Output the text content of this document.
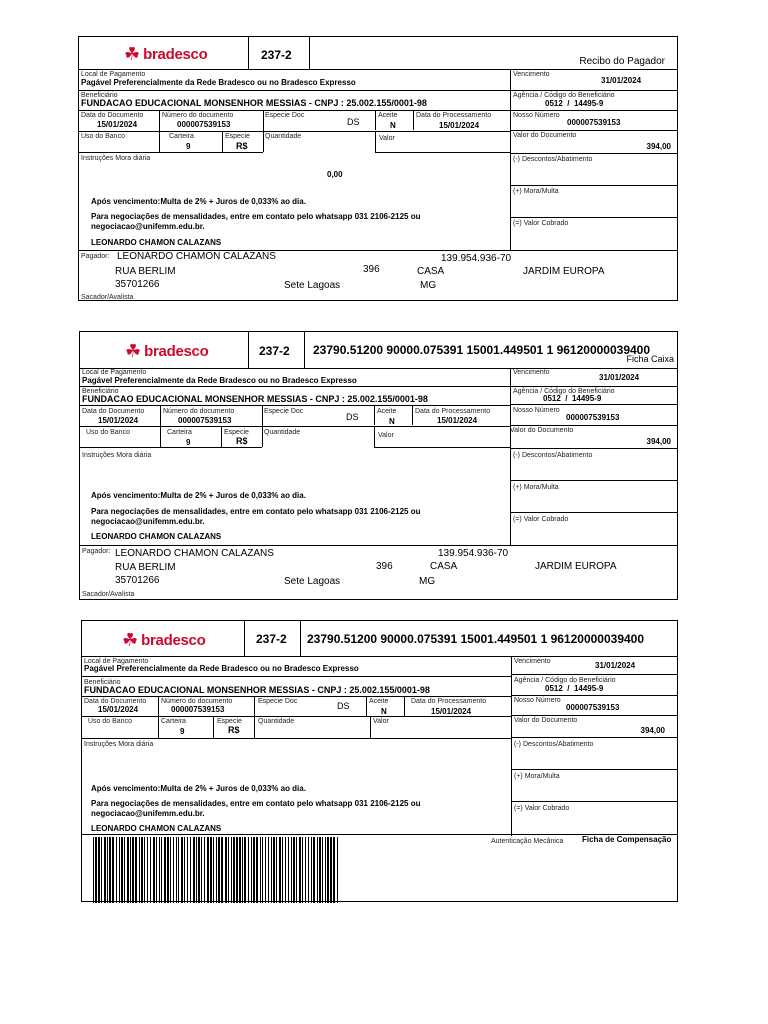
☘ bradesco	237-2	Recibo do Pagador
Vencimento
31/01/2024
Agência / Código do Beneficiário
0512 / 14495-9
Nosso Número
000007539153
Valor do Documento
394,00
(-) Descontos/Abatimento
(+) Mora/Multa
(=) Valor Cobrado
Local de Pagamento
Pagável Preferencialmente da Rede Bradesco ou no Bradesco Expresso
Beneficiário
FUNDACAO EDUCACIONAL MONSENHOR MESSIAS - CNPJ : 25.002.155/0001-98
Data do Documento
15/01/2024
Número do documento
000007539153
Especie Doc
DS
Aceite
N
Data do Processamento
15/01/2024
Uso do Banco	Carteira
9
Especie
R$
Quantidade	Valor
Instruções Mora diária
0,00
Após vencimento:Multa de 2% + Juros de 0,033% ao dia.
Para negociações de mensalidades, entre em contato pelo whatsapp 031 2106-2125 ou
negociacao@unifemm.edu.br.
LEONARDO CHAMON CALAZANS
Pagador: LEONARDO CHAMON CALAZANS	139.954.936-70
RUA BERLIM	396	CASA	JARDIM EUROPA
35701266	Sete Lagoas	MG
Sacador/Avalista
☘ bradesco	237-2 23790.51200 90000.075391 15001.449501 1 96120000039400
Ficha Caixa
Vencimento
31/01/2024
Agência / Código do Beneficiário
0512 / 14495-9
Nosso Número
000007539153
Valor do Documento
394,00
(-) Descontos/Abatimento
(+) Mora/Multa
(=) Valor Cobrado
Local de Pagamento
Pagável Preferencialmente da Rede Bradesco ou no Bradesco Expresso
Beneficiário
FUNDACAO EDUCACIONAL MONSENHOR MESSIAS - CNPJ : 25.002.155/0001-98
Data do Documento
15/01/2024
Número do documento
000007539153
Especie Doc
DS
Aceite
N
Data do Processamento
15/01/2024
Uso do Banco	Carteira
9
Especie
R$
Quantidade	Valor
Instruções Mora diária
Após vencimento:Multa de 2% + Juros de 0,033% ao dia.
Para negociações de mensalidades, entre em contato pelo whatsapp 031 2106-2125 ou
negociacao@unifemm.edu.br.
LEONARDO CHAMON CALAZANS
Pagador: LEONARDO CHAMON CALAZANS	139.954.936-70
RUA BERLIM	396	CASA	JARDIM EUROPA
35701266	Sete Lagoas	MG
Sacador/Avalista
☘ bradesco	237-2 23790.51200 90000.075391 15001.449501 1 96120000039400
Vencimento	31/01/2024
Agência / Código do Beneficiário
0512 / 14495-9
Nosso Número
000007539153
Valor do Documento
394,00
(-) Descontos/Abatimento
(+) Mora/Multa
(=) Valor Cobrado
Local de Pagamento
Pagável Preferencialmente da Rede Bradesco ou no Bradesco Expresso
Beneficiário
FUNDACAO EDUCACIONAL MONSENHOR MESSIAS - CNPJ : 25.002.155/0001-98
Data do Documento
15/01/2024
Número do documento
000007539153
Especie Doc	DS	Aceite
N
Data do Processamento
15/01/2024
Uso do Banco	Carteira
9
Especie
R$
Quantidade	Valor
Instruções Mora diária
Após vencimento:Multa de 2% + Juros de 0,033% ao dia.
Para negociações de mensalidades, entre em contato pelo whatsapp 031 2106-2125 ou
negociacao@unifemm.edu.br.
LEONARDO CHAMON CALAZANS
Autenticação Mecânica Ficha de Compensação
